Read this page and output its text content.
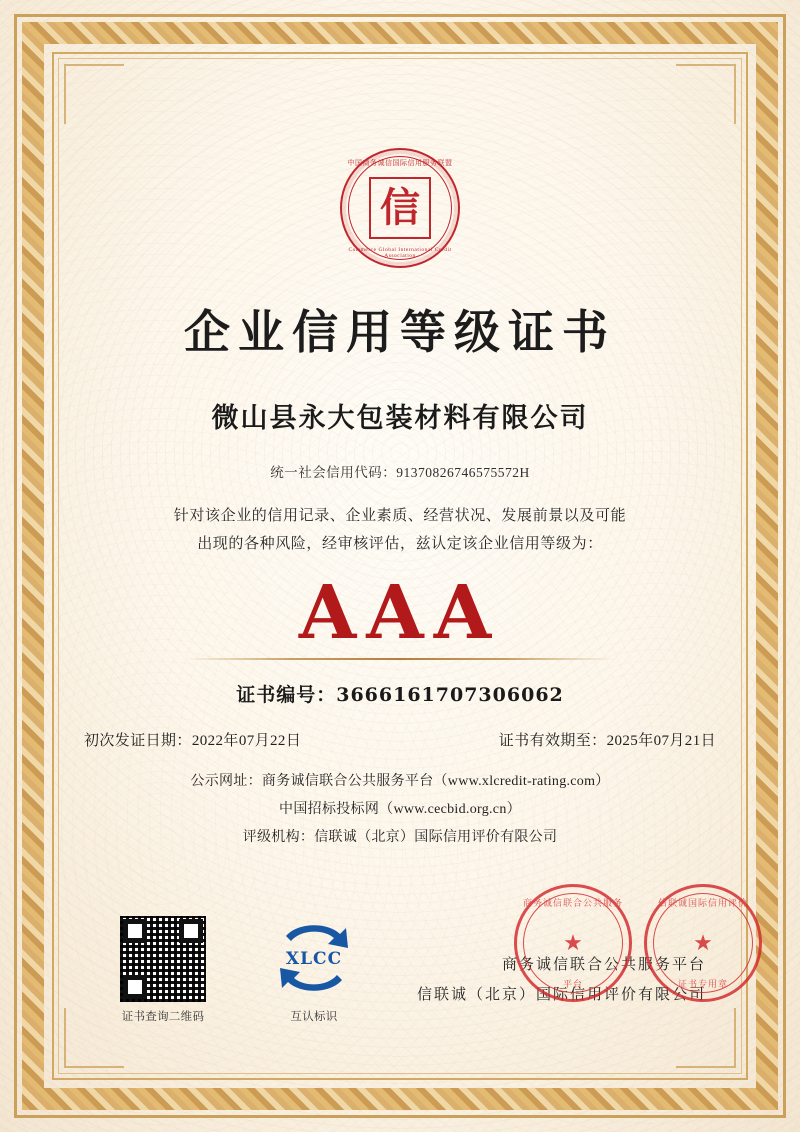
中国商务诚信国际信用服务联盟
信
Commerce Global International Credit Association
企业信用等级证书
微山县永大包装材料有限公司
统一社会信用代码：91370826746575572H
针对该企业的信用记录、企业素质、经营状况、发展前景以及可能
出现的各种风险，经审核评估，兹认定该企业信用等级为：
AAA
证书编号：3666161707306062
初次发证日期：2022年07月22日	证书有效期至：2025年07月21日
公示网址：商务诚信联合公共服务平台（www.xlcredit-rating.com）
中国招标投标网（www.cecbid.org.cn）
评级机构：信联诚（北京）国际信用评价有限公司
证书查询二维码
XLCC
互认标识
商务诚信联合公共服务平台
信联诚（北京）国际信用评价有限公司
商务诚信联合公共服务
★
平台
信联诚国际信用评价
★
证书专用章
